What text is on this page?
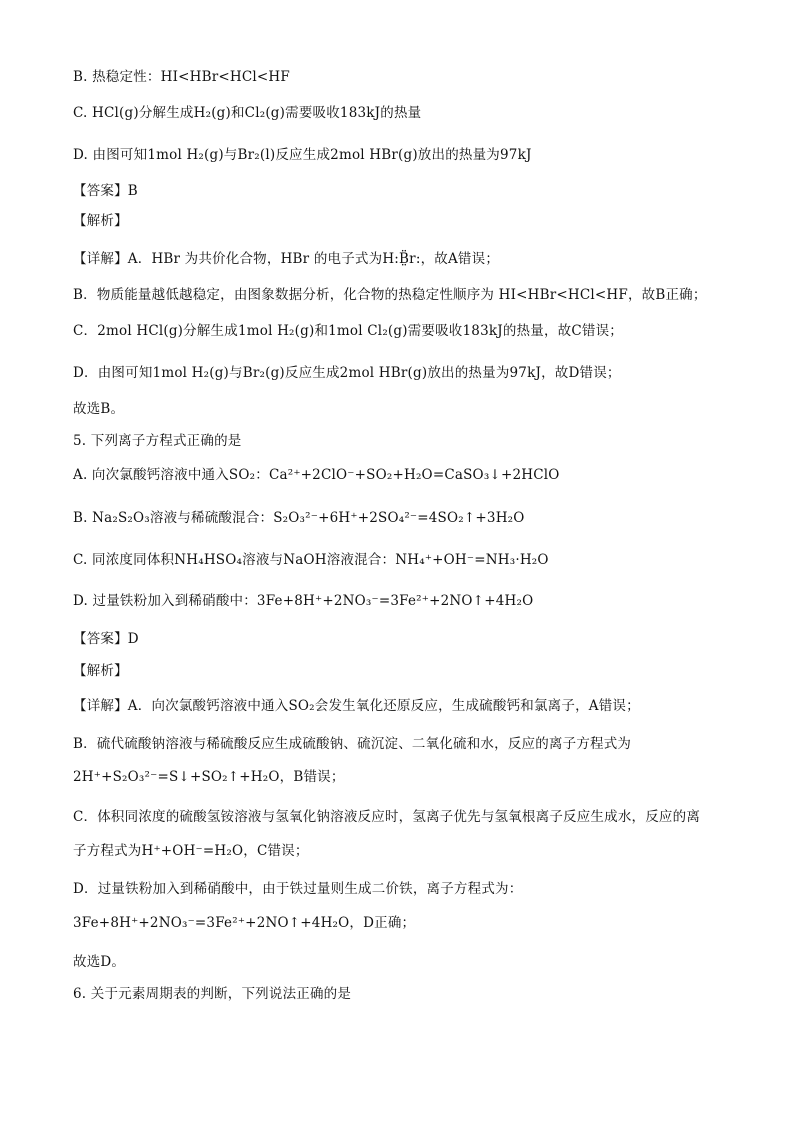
B. 热稳定性：HI<HBr<HCl<HF
C. HCl(g)分解生成H₂(g)和Cl₂(g)需要吸收183kJ的热量
D. 由图可知1mol H₂(g)与Br₂(l)反应生成2mol HBr(g)放出的热量为97kJ
【答案】B
【解析】
【详解】A．HBr 为共价化合物，HBr 的电子式为H:B̤̈r:，故A错误；
B．物质能量越低越稳定，由图象数据分析，化合物的热稳定性顺序为 HI<HBr<HCl<HF，故B正确；
C．2mol HCl(g)分解生成1mol H₂(g)和1mol Cl₂(g)需要吸收183kJ的热量，故C错误；
D．由图可知1mol H₂(g)与Br₂(g)反应生成2mol HBr(g)放出的热量为97kJ，故D错误；
故选B。
5. 下列离子方程式正确的是
A. 向次氯酸钙溶液中通入SO₂：Ca²⁺+2ClO⁻+SO₂+H₂O=CaSO₃↓+2HClO
B. Na₂S₂O₃溶液与稀硫酸混合：S₂O₃²⁻+6H⁺+2SO₄²⁻=4SO₂↑+3H₂O
C. 同浓度同体积NH₄HSO₄溶液与NaOH溶液混合：NH₄⁺+OH⁻=NH₃·H₂O
D. 过量铁粉加入到稀硝酸中：3Fe+8H⁺+2NO₃⁻=3Fe²⁺+2NO↑+4H₂O
【答案】D
【解析】
【详解】A．向次氯酸钙溶液中通入SO₂会发生氧化还原反应，生成硫酸钙和氯离子，A错误；
B．硫代硫酸钠溶液与稀硫酸反应生成硫酸钠、硫沉淀、二氧化硫和水，反应的离子方程式为
2H⁺+S₂O₃²⁻=S↓+SO₂↑+H₂O，B错误；
C．体积同浓度的硫酸氢铵溶液与氢氧化钠溶液反应时，氢离子优先与氢氧根离子反应生成水，反应的离
子方程式为H⁺+OH⁻=H₂O，C错误；
D．过量铁粉加入到稀硝酸中，由于铁过量则生成二价铁，离子方程式为：
3Fe+8H⁺+2NO₃⁻=3Fe²⁺+2NO↑+4H₂O，D正确；
故选D。
6. 关于元素周期表的判断，下列说法正确的是
